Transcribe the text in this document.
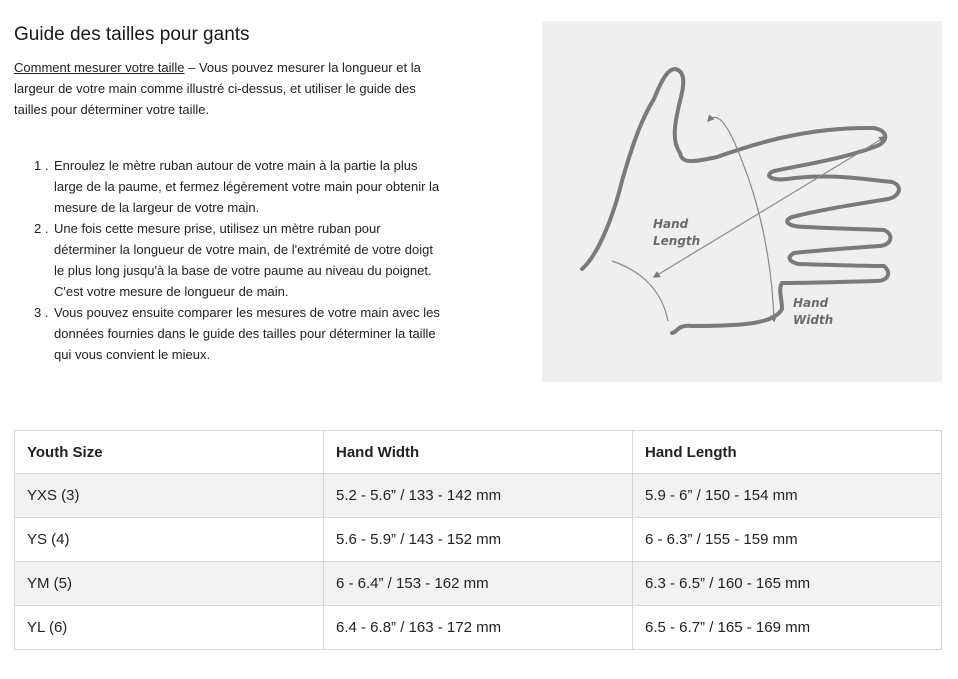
Guide des tailles pour gants

Comment mesurer votre taille – Vous pouvez mesurer la longueur et la largeur de votre main comme illustré ci-dessus, et utiliser le guide des tailles pour déterminer votre taille.

1 . Enroulez le mètre ruban autour de votre main à la partie la plus large de la paume, et fermez légèrement votre main pour obtenir la mesure de la largeur de votre main.
2 . Une fois cette mesure prise, utilisez un mètre ruban pour déterminer la longueur de votre main, de l'extrémité de votre doigt le plus long jusqu'à la base de votre paume au niveau du poignet. C'est votre mesure de longueur de main.
3 . Vous pouvez ensuite comparer les mesures de votre main avec les données fournies dans le guide des tailles pour déterminer la taille qui vous convient le mieux.
Hand
Length
Hand
Width
Youth Size	Hand Width	Hand Length
YXS (3)	5.2 - 5.6” / 133 - 142 mm	5.9 - 6” / 150 - 154 mm
YS (4)	5.6 - 5.9” / 143 - 152 mm	6 - 6.3” / 155 - 159 mm
YM (5)	6 - 6.4” / 153 - 162 mm	6.3 - 6.5” / 160 - 165 mm
YL (6)	6.4 - 6.8” / 163 - 172 mm	6.5 - 6.7” / 165 - 169 mm
